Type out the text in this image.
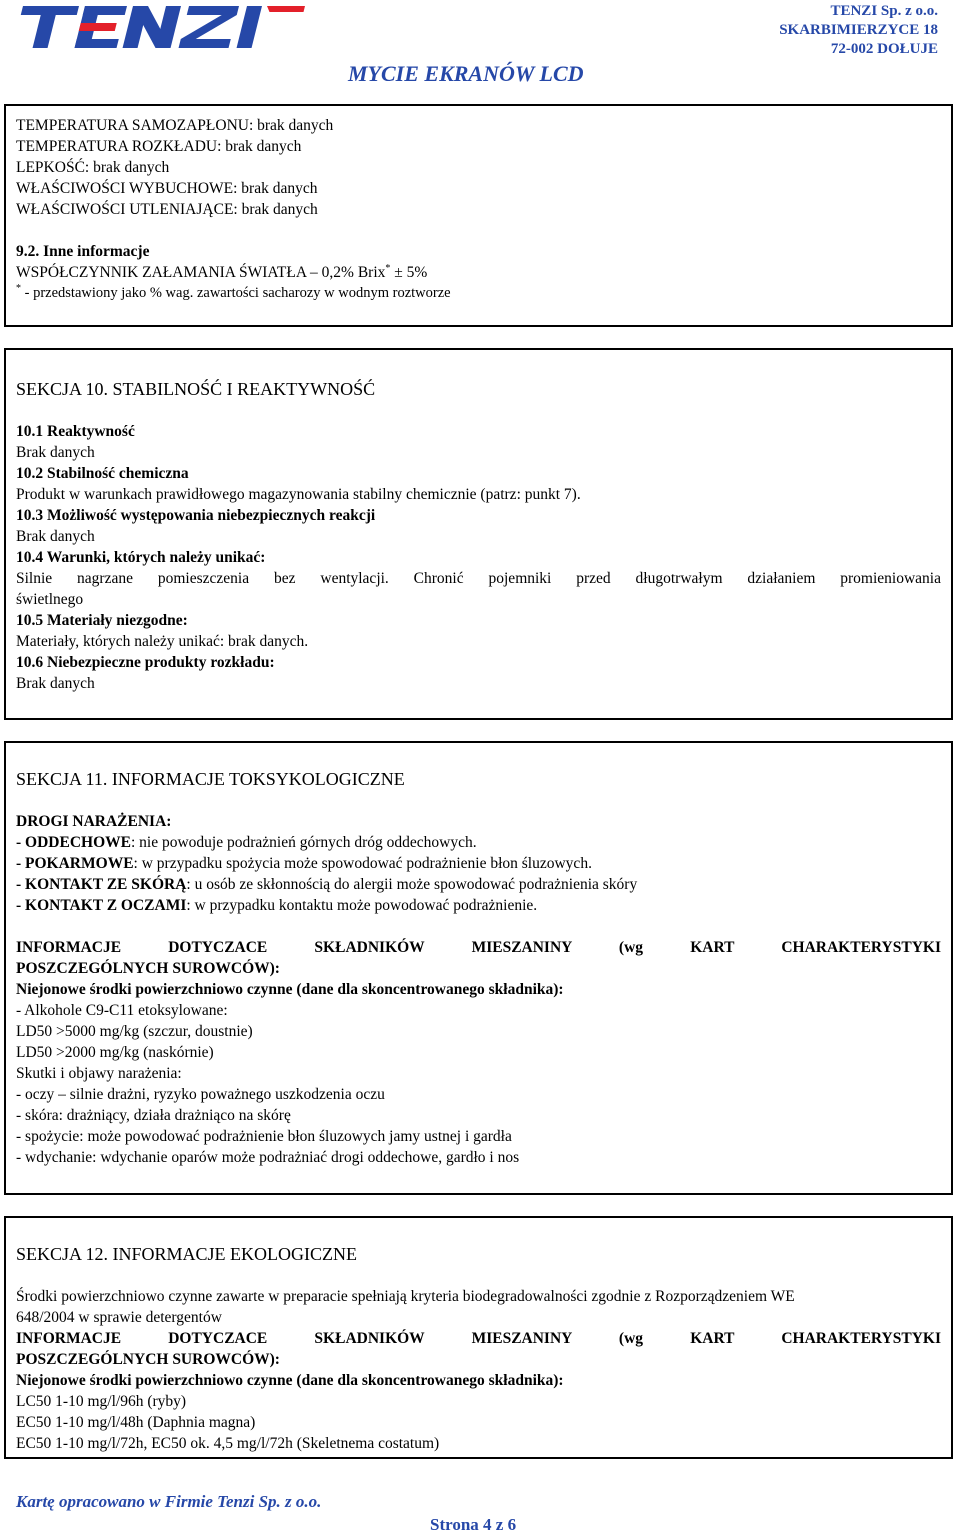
TENZI Sp. z o.o.
SKARBIMIERZYCE 18
72-002 DOŁUJE
MYCIE EKRANÓW LCD

TEMPERATURA SAMOZAPŁONU: brak danych

TEMPERATURA ROZKŁADU: brak danych

LEPKOŚĆ: brak danych

WŁAŚCIWOŚCI WYBUCHOWE: brak danych

WŁAŚCIWOŚCI UTLENIAJĄCE: brak danych

9.2. Inne informacje

WSPÓŁCZYNNIK ZAŁAMANIA ŚWIATŁA – 0,2% Brix* ± 5%

* - przedstawiony jako % wag. zawartości sacharozy w wodnym roztworze

SEKCJA 10. STABILNOŚĆ I REAKTYWNOŚĆ

10.1 Reaktywność

Brak danych

10.2 Stabilność chemiczna

Produkt w warunkach prawidłowego magazynowania stabilny chemicznie (patrz: punkt 7).

10.3 Możliwość występowania niebezpiecznych reakcji

Brak danych

10.4 Warunki, których należy unikać:

Silnie nagrzane pomieszczenia bez wentylacji. Chronić pojemniki przed długotrwałym działaniem promieniowania

świetlnego

10.5 Materiały niezgodne:

Materiały, których należy unikać: brak danych.

10.6 Niebezpieczne produkty rozkładu:

Brak danych

SEKCJA 11. INFORMACJE TOKSYKOLOGICZNE

DROGI NARAŻENIA:

- ODDECHOWE: nie powoduje podrażnień górnych dróg oddechowych.

- POKARMOWE: w przypadku spożycia może spowodować podrażnienie błon śluzowych.

- KONTAKT ZE SKÓRĄ: u osób ze skłonnością do alergii może spowodować podrażnienia skóry

- KONTAKT Z OCZAMI: w przypadku kontaktu może powodować podrażnienie.

INFORMACJE DOTYCZACE SKŁADNIKÓW MIESZANINY (wg KART CHARAKTERYSTYKI

POSZCZEGÓLNYCH SUROWCÓW):

Niejonowe środki powierzchniowo czynne (dane dla skoncentrowanego składnika):

- Alkohole C9-C11 etoksylowane:

LD50 >5000 mg/kg (szczur, doustnie)

LD50 >2000 mg/kg (naskórnie)

Skutki i objawy narażenia:

- oczy – silnie drażni, ryzyko poważnego uszkodzenia oczu

- skóra: drażniący, działa drażniąco na skórę

- spożycie: może powodować podrażnienie błon śluzowych jamy ustnej i gardła

- wdychanie: wdychanie oparów może podrażniać drogi oddechowe, gardło i nos

SEKCJA 12. INFORMACJE EKOLOGICZNE

Środki powierzchniowo czynne zawarte w preparacie spełniają kryteria biodegradowalności zgodnie z Rozporządzeniem WE

648/2004 w sprawie detergentów

INFORMACJE DOTYCZACE SKŁADNIKÓW MIESZANINY (wg KART CHARAKTERYSTYKI

POSZCZEGÓLNYCH SUROWCÓW):

Niejonowe środki powierzchniowo czynne (dane dla skoncentrowanego składnika):

LC50 1-10 mg/l/96h (ryby)

EC50 1-10 mg/l/48h (Daphnia magna)

EC50 1-10 mg/l/72h, EC50 ok. 4,5 mg/l/72h (Skeletnema costatum)

Kartę opracowano w Firmie Tenzi Sp. z o.o.
Strona 4 z 6
